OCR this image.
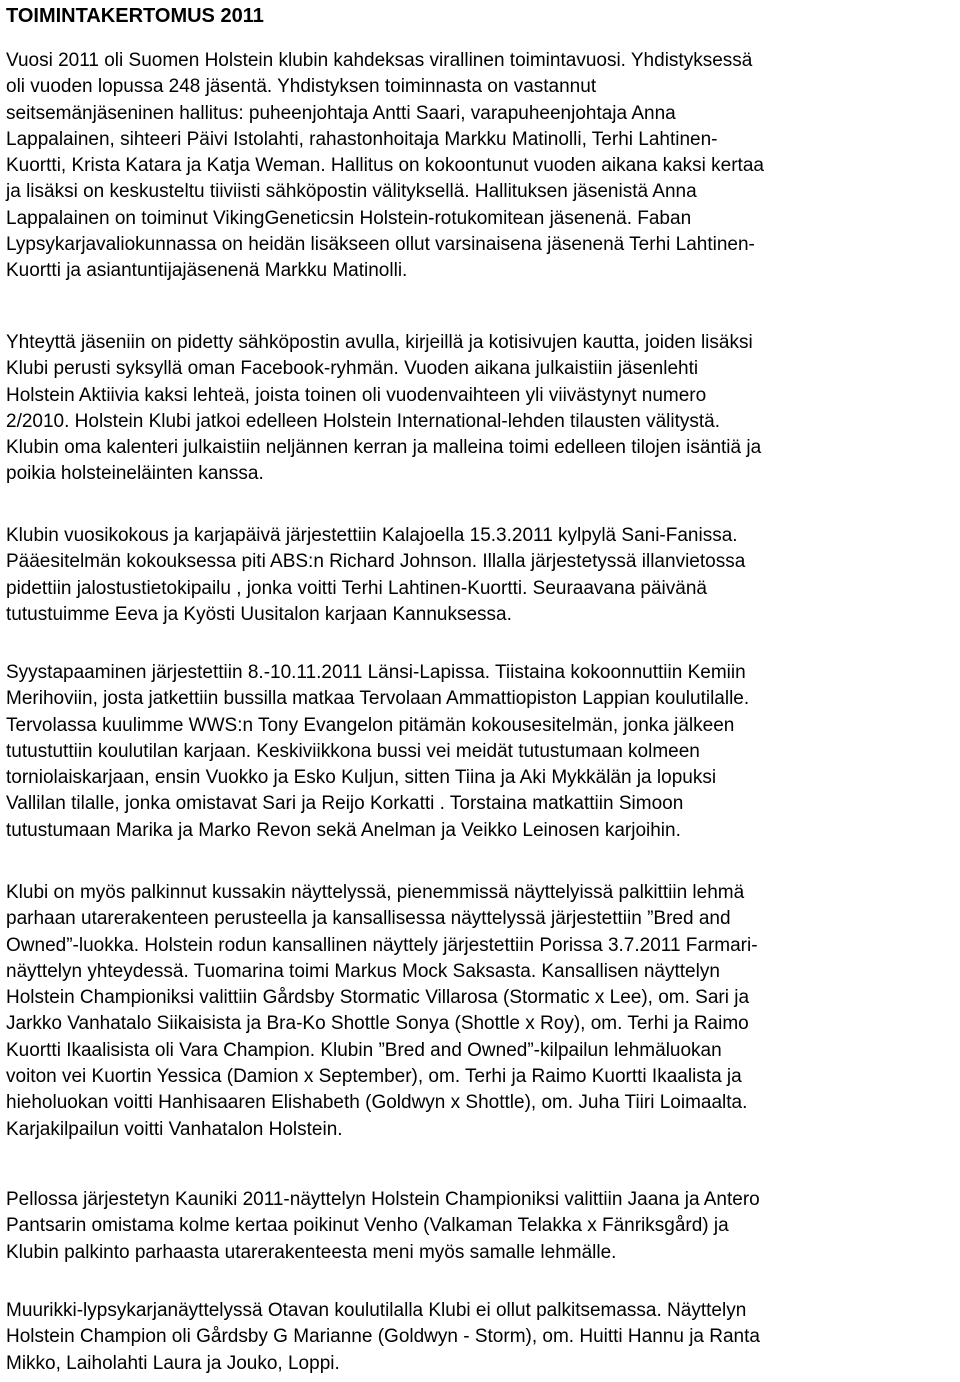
TOIMINTAKERTOMUS 2011

Vuosi 2011 oli Suomen Holstein klubin kahdeksas virallinen toimintavuosi. Yhdistyksessä
oli vuoden lopussa 248 jäsentä. Yhdistyksen toiminnasta on vastannut
seitsemänjäseninen hallitus: puheenjohtaja Antti Saari, varapuheenjohtaja Anna
Lappalainen, sihteeri Päivi Istolahti, rahastonhoitaja Markku Matinolli, Terhi Lahtinen-
Kuortti, Krista Katara ja Katja Weman. Hallitus on kokoontunut vuoden aikana kaksi kertaa
ja lisäksi on keskusteltu tiiviisti sähköpostin välityksellä. Hallituksen jäsenistä Anna
Lappalainen on toiminut VikingGeneticsin Holstein-rotukomitean jäsenenä. Faban
Lypsykarjavaliokunnassa on heidän lisäkseen ollut varsinaisena jäsenenä Terhi Lahtinen-
Kuortti ja asiantuntijajäsenenä Markku Matinolli.

Yhteyttä jäseniin on pidetty sähköpostin avulla, kirjeillä ja kotisivujen kautta, joiden lisäksi
Klubi perusti syksyllä oman Facebook-ryhmän. Vuoden aikana julkaistiin jäsenlehti
Holstein Aktiivia kaksi lehteä, joista toinen oli vuodenvaihteen yli viivästynyt numero
2/2010. Holstein Klubi jatkoi edelleen Holstein International-lehden tilausten välitystä.
Klubin oma kalenteri julkaistiin neljännen kerran ja malleina toimi edelleen tilojen isäntiä ja
poikia holsteineläinten kanssa.

Klubin vuosikokous ja karjapäivä järjestettiin Kalajoella 15.3.2011 kylpylä Sani-Fanissa.
Pääesitelmän kokouksessa piti ABS:n Richard Johnson. Illalla järjestetyssä illanvietossa
pidettiin jalostustietokipailu , jonka voitti Terhi Lahtinen-Kuortti. Seuraavana päivänä
tutustuimme Eeva ja Kyösti Uusitalon karjaan Kannuksessa.

Syystapaaminen järjestettiin 8.-10.11.2011 Länsi-Lapissa. Tiistaina kokoonnuttiin Kemiin
Merihoviin, josta jatkettiin bussilla matkaa Tervolaan Ammattiopiston Lappian koulutilalle.
Tervolassa kuulimme WWS:n Tony Evangelon pitämän kokousesitelmän, jonka jälkeen
tutustuttiin koulutilan karjaan. Keskiviikkona bussi vei meidät tutustumaan kolmeen
torniolaiskarjaan, ensin Vuokko ja Esko Kuljun, sitten Tiina ja Aki Mykkälän ja lopuksi
Vallilan tilalle, jonka omistavat Sari ja Reijo Korkatti . Torstaina matkattiin Simoon
tutustumaan Marika ja Marko Revon sekä Anelman ja Veikko Leinosen karjoihin.

Klubi on myös palkinnut kussakin näyttelyssä, pienemmissä näyttelyissä palkittiin lehmä
parhaan utarerakenteen perusteella ja kansallisessa näyttelyssä järjestettiin ”Bred and
Owned”-luokka. Holstein rodun kansallinen näyttely järjestettiin Porissa 3.7.2011 Farmari-
näyttelyn yhteydessä. Tuomarina toimi Markus Mock Saksasta. Kansallisen näyttelyn
Holstein Championiksi valittiin Gårdsby Stormatic Villarosa (Stormatic x Lee), om. Sari ja
Jarkko Vanhatalo Siikaisista ja Bra-Ko Shottle Sonya (Shottle x Roy), om. Terhi ja Raimo
Kuortti Ikaalisista oli Vara Champion. Klubin ”Bred and Owned”-kilpailun lehmäluokan
voiton vei Kuortin Yessica (Damion x September), om. Terhi ja Raimo Kuortti Ikaalista ja
hieholuokan voitti Hanhisaaren Elishabeth (Goldwyn x Shottle), om. Juha Tiiri Loimaalta.
Karjakilpailun voitti Vanhatalon Holstein.

Pellossa järjestetyn Kauniki 2011-näyttelyn Holstein Championiksi valittiin Jaana ja Antero
Pantsarin omistama kolme kertaa poikinut Venho (Valkaman Telakka x Fänriksgård) ja
Klubin palkinto parhaasta utarerakenteesta meni myös samalle lehmälle.

Muurikki-lypsykarjanäyttelyssä Otavan koulutilalla Klubi ei ollut palkitsemassa. Näyttelyn
Holstein Champion oli Gårdsby G Marianne (Goldwyn - Storm), om. Huitti Hannu ja Ranta
Mikko, Laiholahti Laura ja Jouko, Loppi.
